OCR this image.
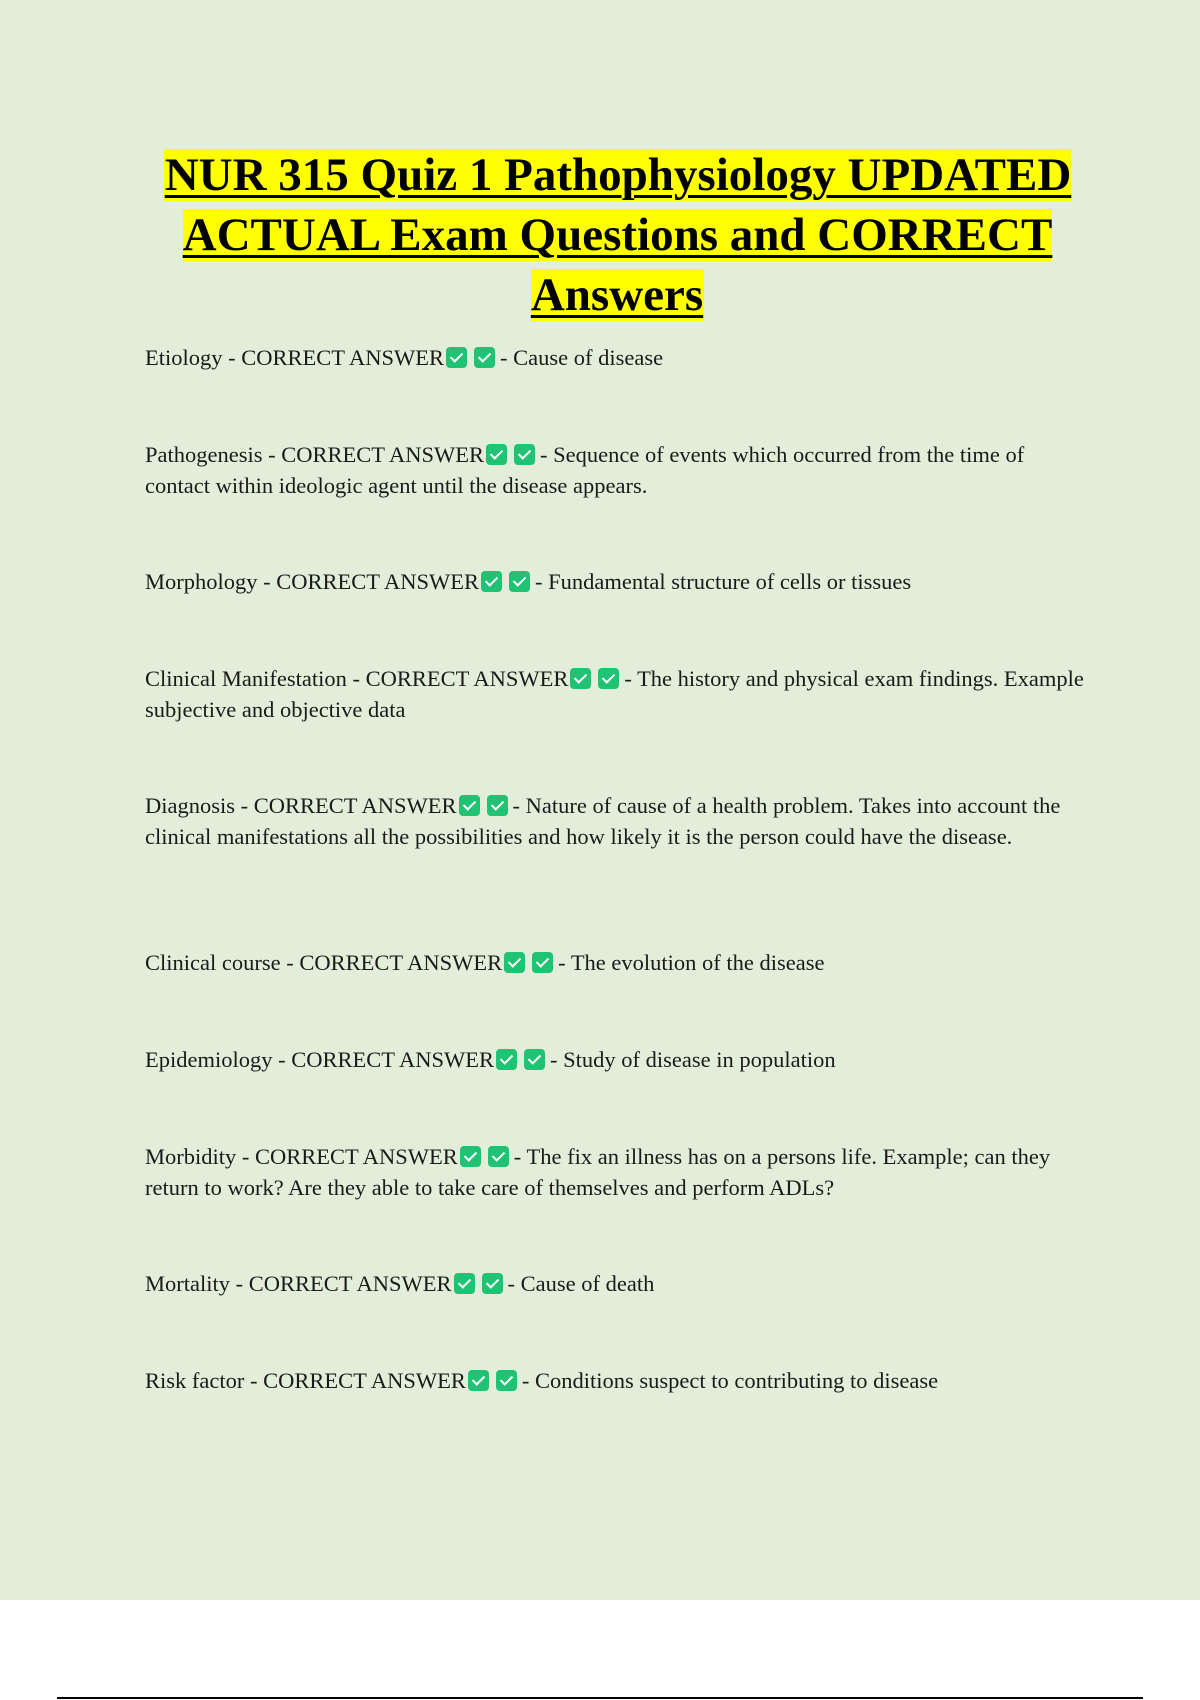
NUR 315 Quiz 1 Pathophysiology UPDATED ACTUAL Exam Questions and CORRECT Answers
Etiology - CORRECT ANSWER - Cause of disease
Pathogenesis - CORRECT ANSWER - Sequence of events which occurred from the time of contact within ideologic agent until the disease appears.
Morphology - CORRECT ANSWER - Fundamental structure of cells or tissues
Clinical Manifestation - CORRECT ANSWER - The history and physical exam findings. Example subjective and objective data
Diagnosis - CORRECT ANSWER - Nature of cause of a health problem. Takes into account the clinical manifestations all the possibilities and how likely it is the person could have the disease.
Clinical course - CORRECT ANSWER - The evolution of the disease
Epidemiology - CORRECT ANSWER - Study of disease in population
Morbidity - CORRECT ANSWER - The fix an illness has on a persons life. Example; can they return to work? Are they able to take care of themselves and perform ADLs?
Mortality - CORRECT ANSWER - Cause of death
Risk factor - CORRECT ANSWER - Conditions suspect to contributing to disease
